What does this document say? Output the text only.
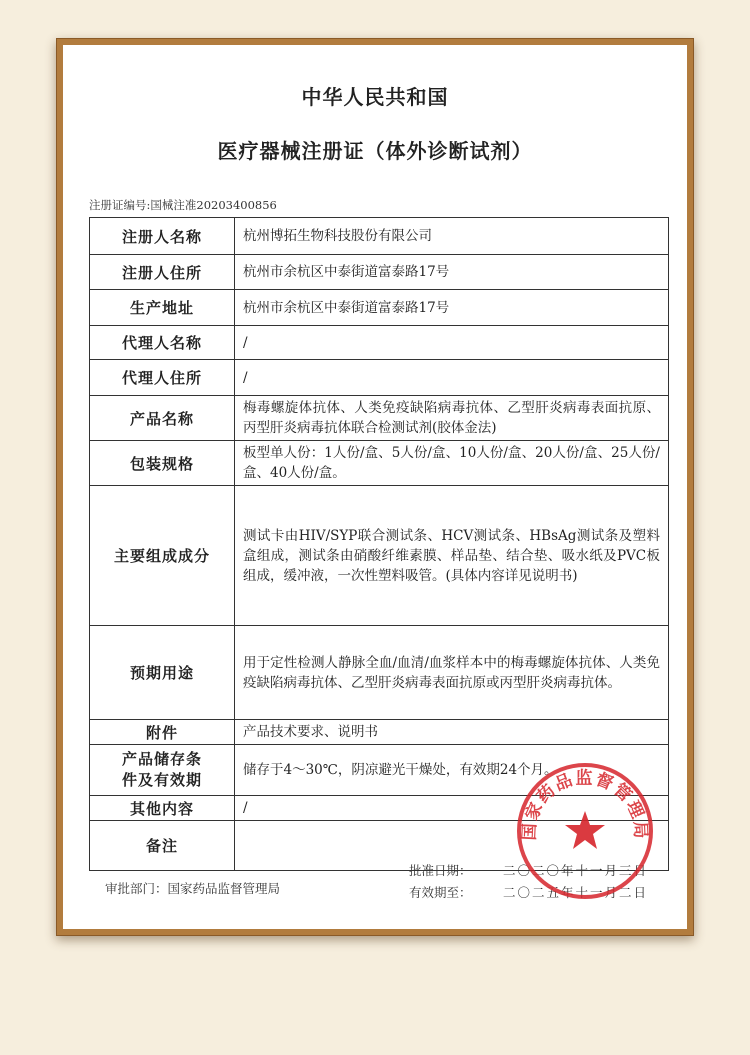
中华人民共和国
医疗器械注册证（体外诊断试剂）
注册证编号:国械注准20203400856
注册人名称	杭州博拓生物科技股份有限公司
注册人住所	杭州市余杭区中泰街道富泰路17号
生产地址	杭州市余杭区中泰街道富泰路17号
代理人名称	/
代理人住所	/
产品名称	梅毒螺旋体抗体、人类免疫缺陷病毒抗体、乙型肝炎病毒表面抗原、丙型肝炎病毒抗体联合检测试剂(胶体金法)
包装规格	板型单人份：1人份/盒、5人份/盒、10人份/盒、20人份/盒、25人份/盒、40人份/盒。
主要组成成分	测试卡由HIV/SYP联合测试条、HCV测试条、HBsAg测试条及塑料盒组成，测试条由硝酸纤维素膜、样品垫、结合垫、吸水纸及PVC板组成，缓冲液，一次性塑料吸管。(具体内容详见说明书)
预期用途	用于定性检测人静脉全血/血清/血浆样本中的梅毒螺旋体抗体、人类免疫缺陷病毒抗体、乙型肝炎病毒表面抗原或丙型肝炎病毒抗体。
附件	产品技术要求、说明书

产品储存条
件及有效期	储存于4～30℃，阴凉避光干燥处，有效期24个月。
其他内容	/
备注	
审批部门：国家药品监督管理局
批准日期：	二〇二〇年十一月三日
有效期至：	二〇二五年十一月二日
国家药品监督管理局
